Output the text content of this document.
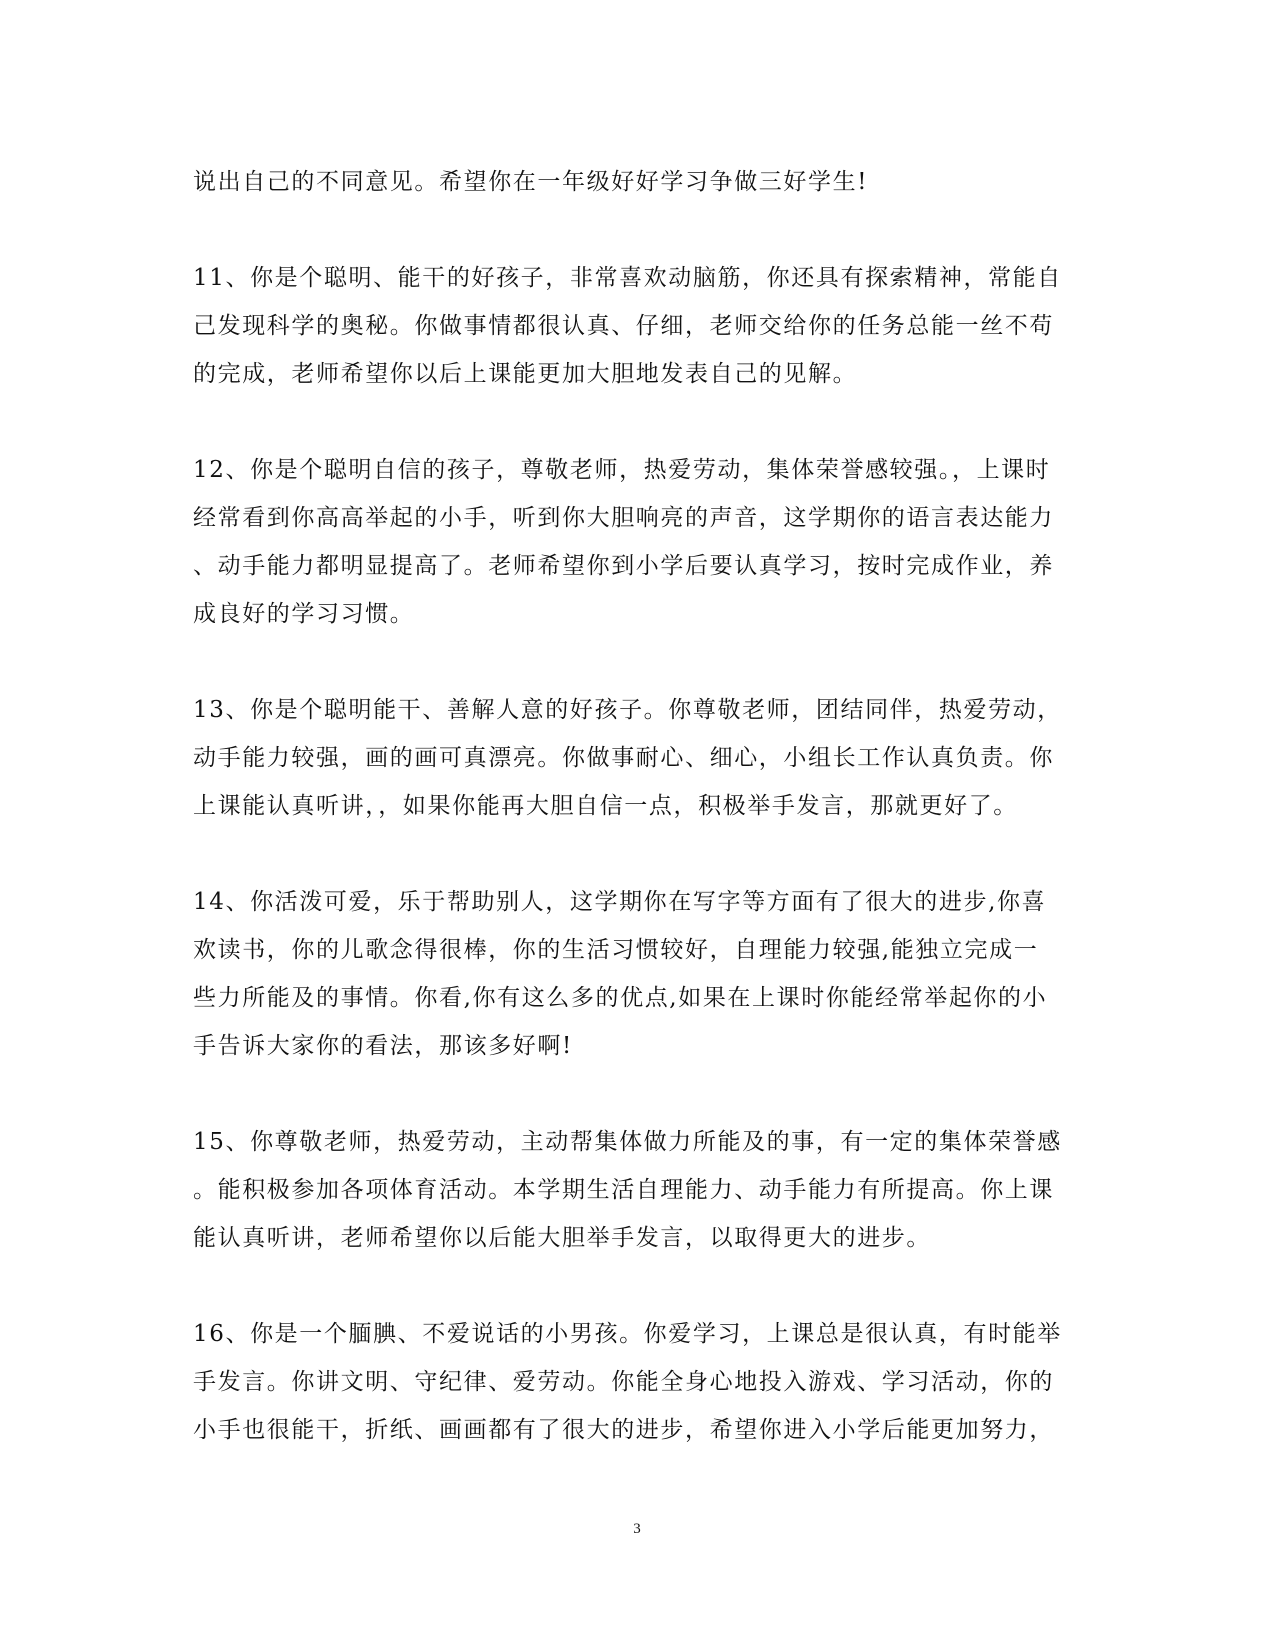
说出自己的不同意见。希望你在一年级好好学习争做三好学生!
11、你是个聪明、能干的好孩子，非常喜欢动脑筋，你还具有探索精神，常能自
己发现科学的奥秘。你做事情都很认真、仔细，老师交给你的任务总能一丝不苟
的完成，老师希望你以后上课能更加大胆地发表自己的见解。
12、你是个聪明自信的孩子，尊敬老师，热爱劳动，集体荣誉感较强。，上课时
经常看到你高高举起的小手，听到你大胆响亮的声音，这学期你的语言表达能力
、动手能力都明显提高了。老师希望你到小学后要认真学习，按时完成作业，养
成良好的学习习惯。
13、你是个聪明能干、善解人意的好孩子。你尊敬老师，团结同伴，热爱劳动，
动手能力较强，画的画可真漂亮。你做事耐心、细心，小组长工作认真负责。你
上课能认真听讲，，如果你能再大胆自信一点，积极举手发言，那就更好了。
14、你活泼可爱，乐于帮助别人，这学期你在写字等方面有了很大的进步,你喜
欢读书，你的儿歌念得很棒，你的生活习惯较好，自理能力较强,能独立完成一
些力所能及的事情。你看,你有这么多的优点,如果在上课时你能经常举起你的小
手告诉大家你的看法，那该多好啊!
15、你尊敬老师，热爱劳动，主动帮集体做力所能及的事，有一定的集体荣誉感
。能积极参加各项体育活动。本学期生活自理能力、动手能力有所提高。你上课
能认真听讲，老师希望你以后能大胆举手发言，以取得更大的进步。
16、你是一个腼腆、不爱说话的小男孩。你爱学习，上课总是很认真，有时能举
手发言。你讲文明、守纪律、爱劳动。你能全身心地投入游戏、学习活动，你的
小手也很能干，折纸、画画都有了很大的进步，希望你进入小学后能更加努力，
3
